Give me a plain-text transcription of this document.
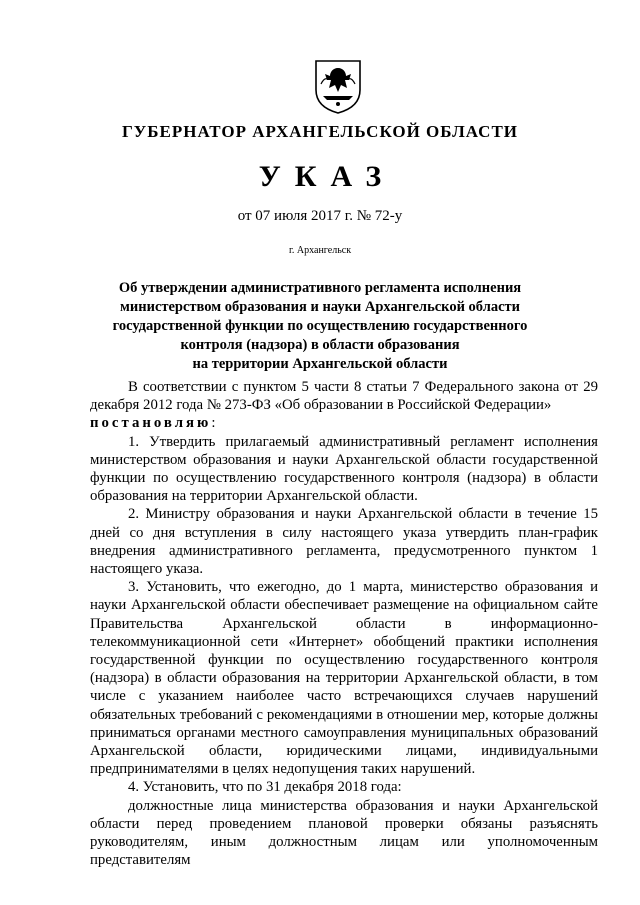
ГУБЕРНАТОР АРХАНГЕЛЬСКОЙ ОБЛАСТИ
УКАЗ
от 07 июля 2017 г. № 72-у
г. Архангельск
Об утверждении административного регламента исполнения
министерством образования и науки Архангельской области
государственной функции по осуществлению государственного
контроля (надзора) в области образования
на территории Архангельской области

В соответствии с пунктом 5 части 8 статьи 7 Федерального закона от 29 декабря 2012 года № 273-ФЗ «Об образовании в Российской Федерации»

постановляю:

1. Утвердить прилагаемый административный регламент исполнения министерством образования и науки Архангельской области государственной функции по осуществлению государственного контроля (надзора) в области образования на территории Архангельской области.

2. Министру образования и науки Архангельской области в течение 15 дней со дня вступления в силу настоящего указа утвердить план-график внедрения административного регламента, предусмотренного пунктом 1 настоящего указа.

3. Установить, что ежегодно, до 1 марта, министерство образования и науки Архангельской области обеспечивает размещение на официальном сайте Правительства Архангельской области в информационно-телекоммуникационной сети «Интернет» обобщений практики исполнения государственной функции по осуществлению государственного контроля (надзора) в области образования на территории Архангельской области, в том числе с указанием наиболее часто встречающихся случаев нарушений обязательных требований с рекомендациями в отношении мер, которые должны приниматься органами местного самоуправления муниципальных образований Архангельской области, юридическими лицами, индивидуальными предпринимателями в целях недопущения таких нарушений.

4. Установить, что по 31 декабря 2018 года:

должностные лица министерства образования и науки Архангельской области перед проведением плановой проверки обязаны разъяснять руководителям, иным должностным лицам или уполномоченным представителям
